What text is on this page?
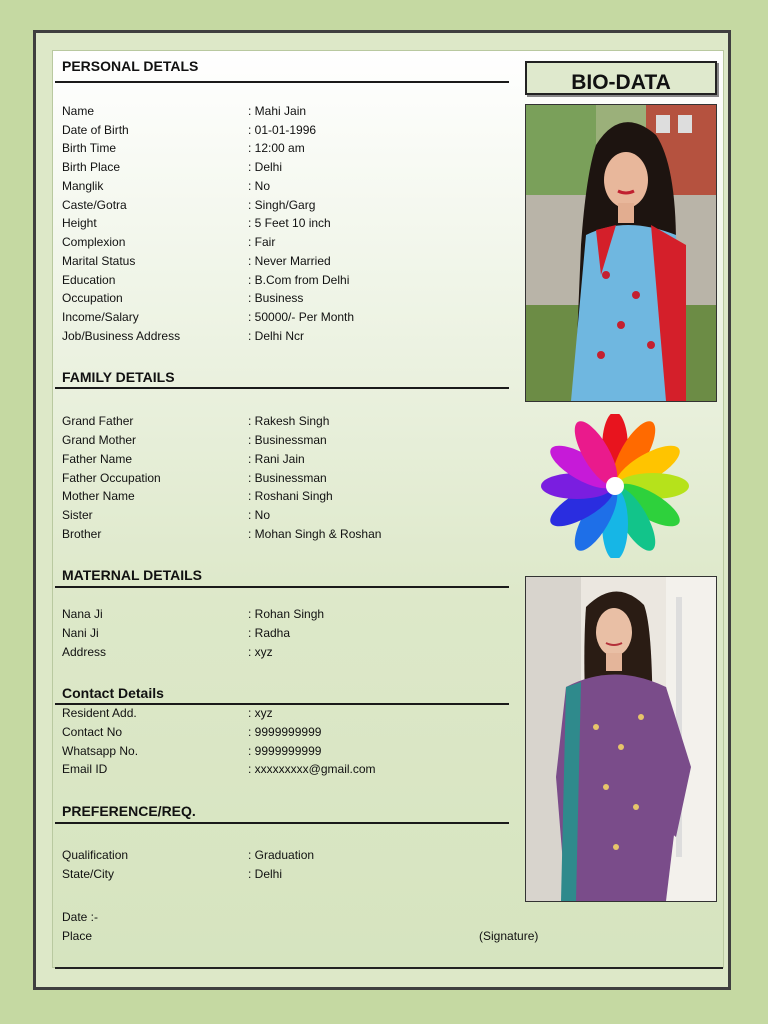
BIO-DATA
PERSONAL DETALS
Name	: Mahi Jain
Date of Birth	: 01-01-1996
Birth Time	: 12:00 am
Birth Place	: Delhi
Manglik	: No
Caste/Gotra	: Singh/Garg
Height	: 5 Feet 10 inch
Complexion	: Fair
Marital Status	: Never Married
Education	: B.Com from Delhi
Occupation	: Business
Income/Salary	: 50000/- Per Month
Job/Business Address	: Delhi Ncr
FAMILY DETAILS
Grand Father	: Rakesh Singh
Grand Mother	: Businessman
Father Name	: Rani Jain
Father Occupation	: Businessman
Mother Name	: Roshani Singh
Sister	: No
Brother	: Mohan Singh & Roshan
MATERNAL DETAILS
Nana Ji	: Rohan Singh
Nani Ji	: Radha
Address	: xyz
Contact Details
Resident Add.	: xyz
Contact No	: 9999999999
Whatsapp No.	: 9999999999
Email ID	: xxxxxxxxx@gmail.com
PREFERENCE/REQ.
Qualification	: Graduation
State/City	: Delhi
Date :-
Place	(Signature)
